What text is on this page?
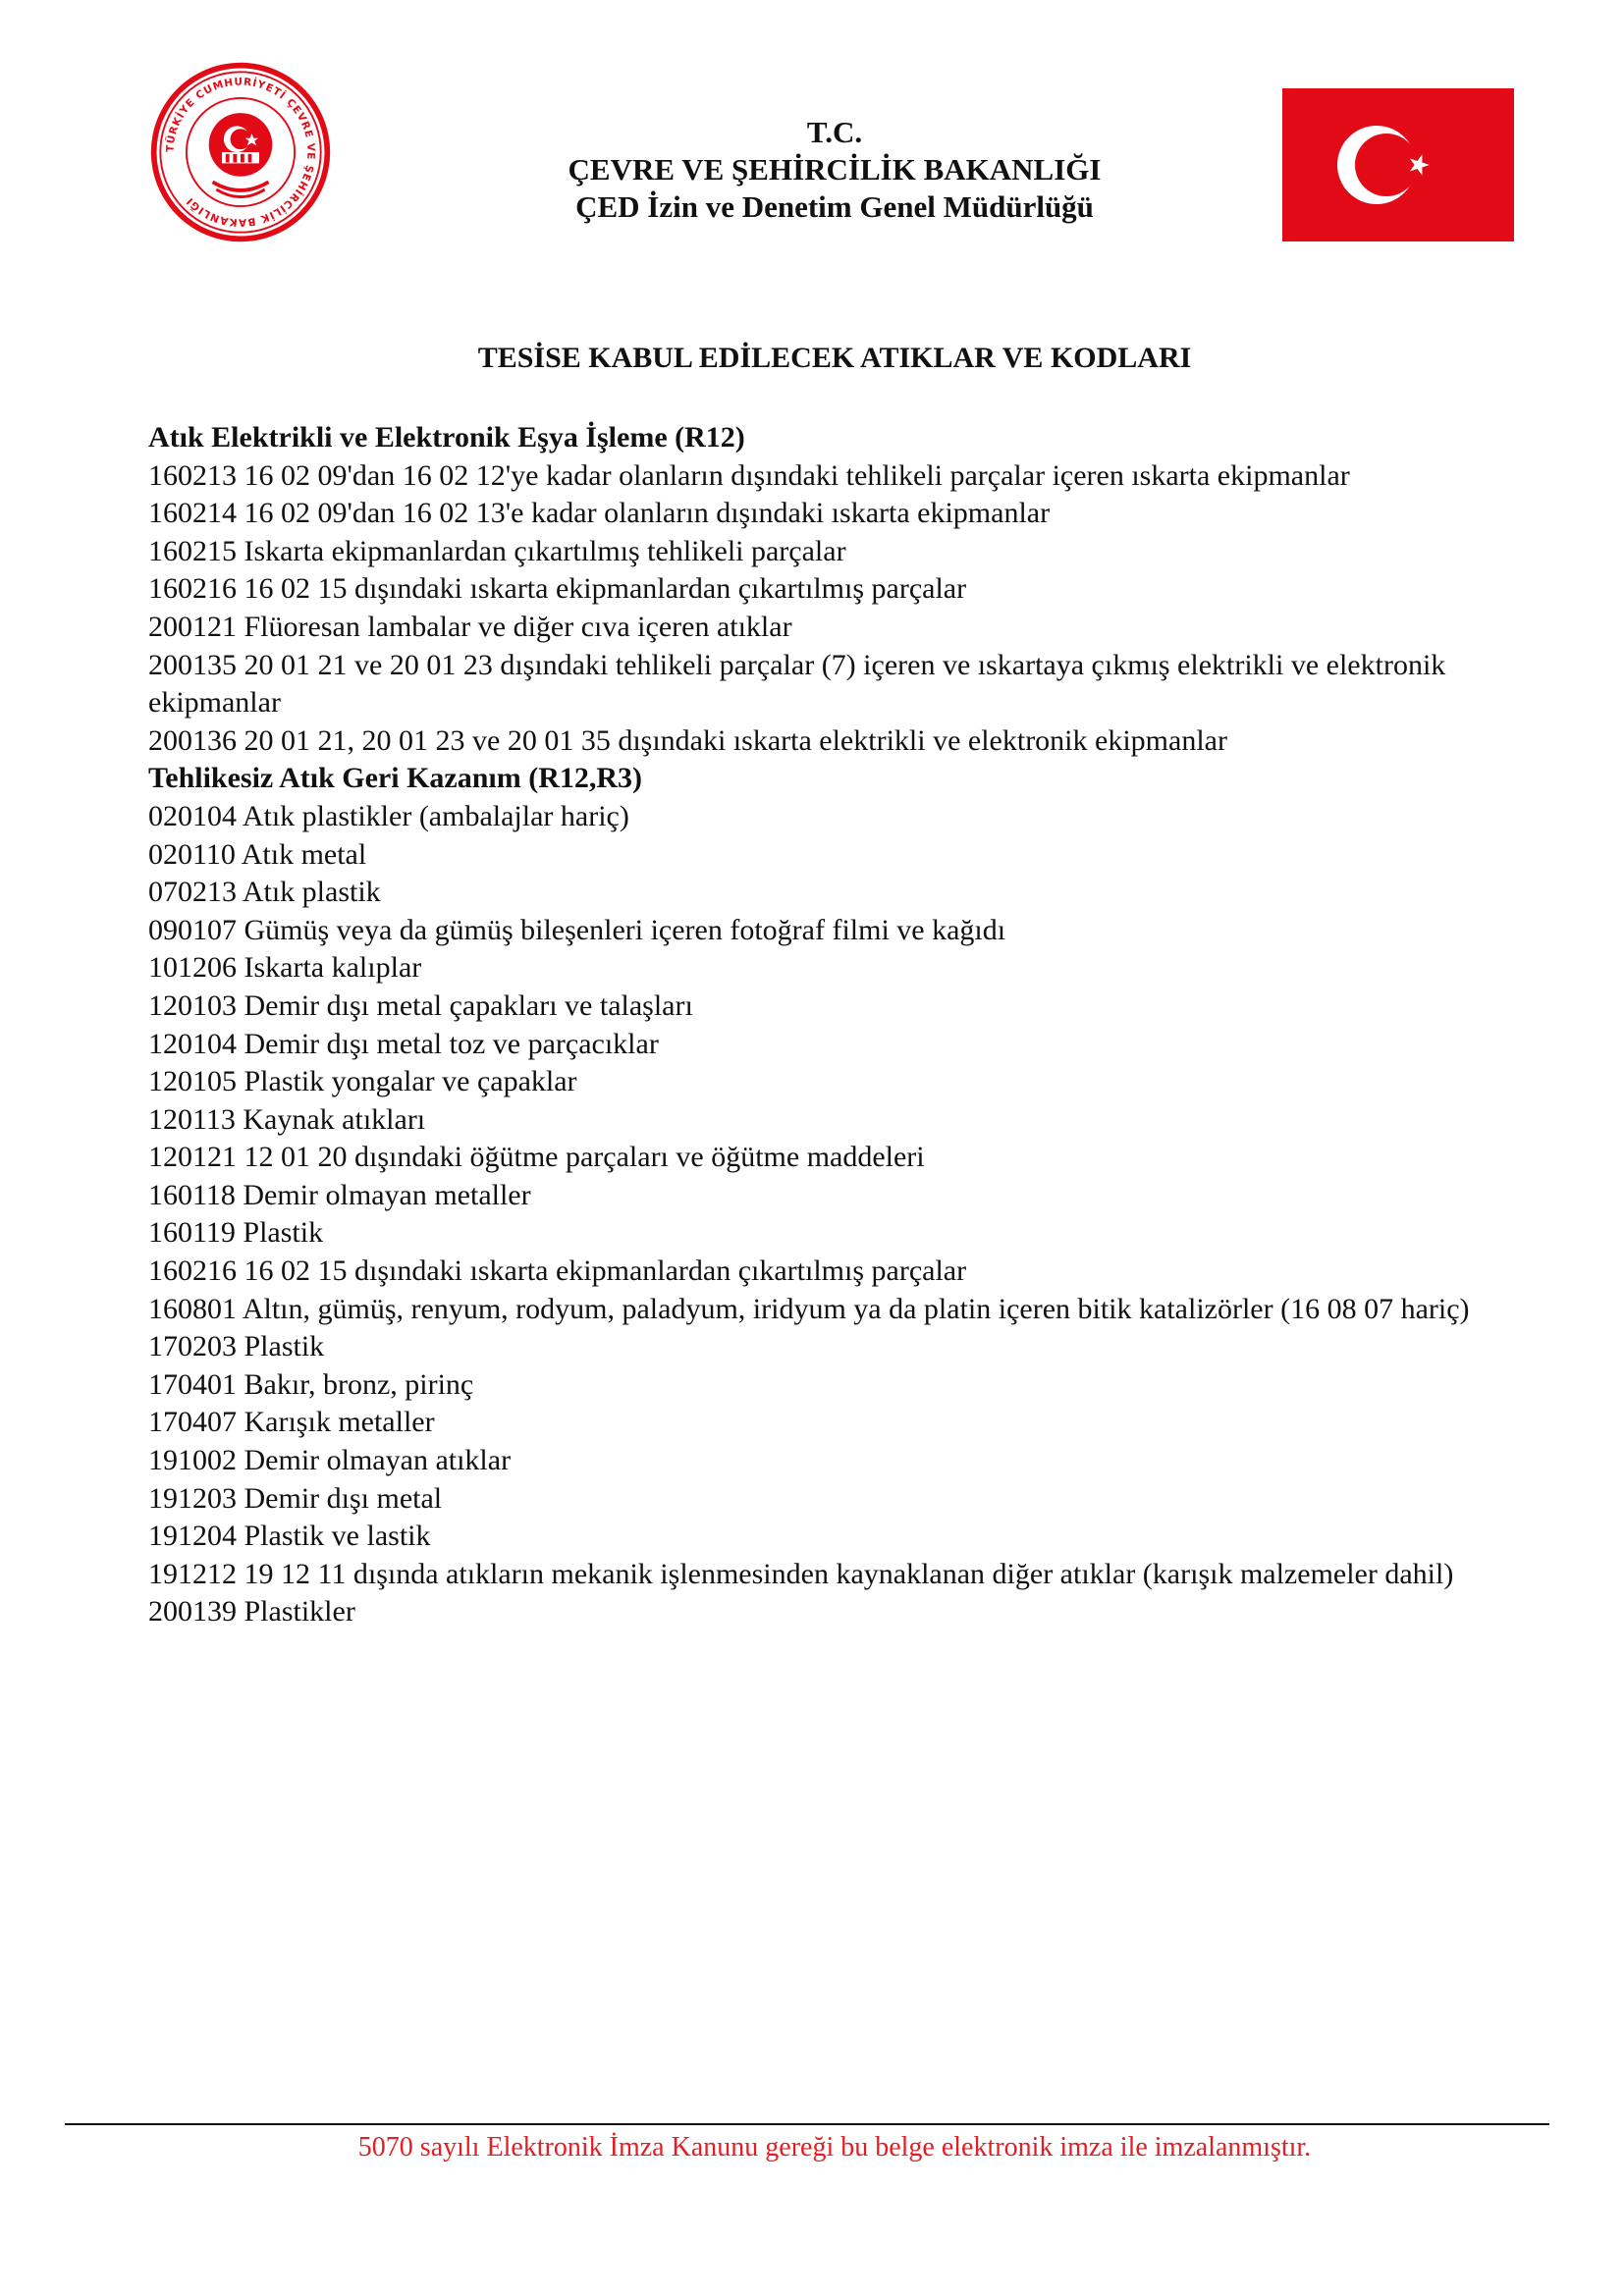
TÜRKİYE CUMHURİYETİ ÇEVRE VE ŞEHİRCİLİK BAKANLIĞI
T.C.
ÇEVRE VE ŞEHİRCİLİK BAKANLIĞI
ÇED İzin ve Denetim Genel Müdürlüğü
TESİSE KABUL EDİLECEK ATIKLAR VE KODLARI
Atık Elektrikli ve Elektronik Eşya İşleme (R12)
160213 16 02 09'dan 16 02 12'ye kadar olanların dışındaki tehlikeli parçalar içeren ıskarta ekipmanlar
160214 16 02 09'dan 16 02 13'e kadar olanların dışındaki ıskarta ekipmanlar
160215 Iskarta ekipmanlardan çıkartılmış tehlikeli parçalar
160216 16 02 15 dışındaki ıskarta ekipmanlardan çıkartılmış parçalar
200121 Flüoresan lambalar ve diğer cıva içeren atıklar
200135 20 01 21 ve 20 01 23 dışındaki tehlikeli parçalar (7) içeren ve ıskartaya çıkmış elektrikli ve elektronik ekipmanlar
200136 20 01 21, 20 01 23 ve 20 01 35 dışındaki ıskarta elektrikli ve elektronik ekipmanlar
Tehlikesiz Atık Geri Kazanım (R12,R3)
020104 Atık plastikler (ambalajlar hariç)
020110 Atık metal
070213 Atık plastik
090107 Gümüş veya da gümüş bileşenleri içeren fotoğraf filmi ve kağıdı
101206 Iskarta kalıplar
120103 Demir dışı metal çapakları ve talaşları
120104 Demir dışı metal toz ve parçacıklar
120105 Plastik yongalar ve çapaklar
120113 Kaynak atıkları
120121 12 01 20 dışındaki öğütme parçaları ve öğütme maddeleri
160118 Demir olmayan metaller
160119 Plastik
160216 16 02 15 dışındaki ıskarta ekipmanlardan çıkartılmış parçalar
160801 Altın, gümüş, renyum, rodyum, paladyum, iridyum ya da platin içeren bitik katalizörler (16 08 07 hariç)
170203 Plastik
170401 Bakır, bronz, pirinç
170407 Karışık metaller
191002 Demir olmayan atıklar
191203 Demir dışı metal
191204 Plastik ve lastik
191212 19 12 11 dışında atıkların mekanik işlenmesinden kaynaklanan diğer atıklar (karışık malzemeler dahil)
200139 Plastikler
5070 sayılı Elektronik İmza Kanunu gereği bu belge elektronik imza ile imzalanmıştır.
